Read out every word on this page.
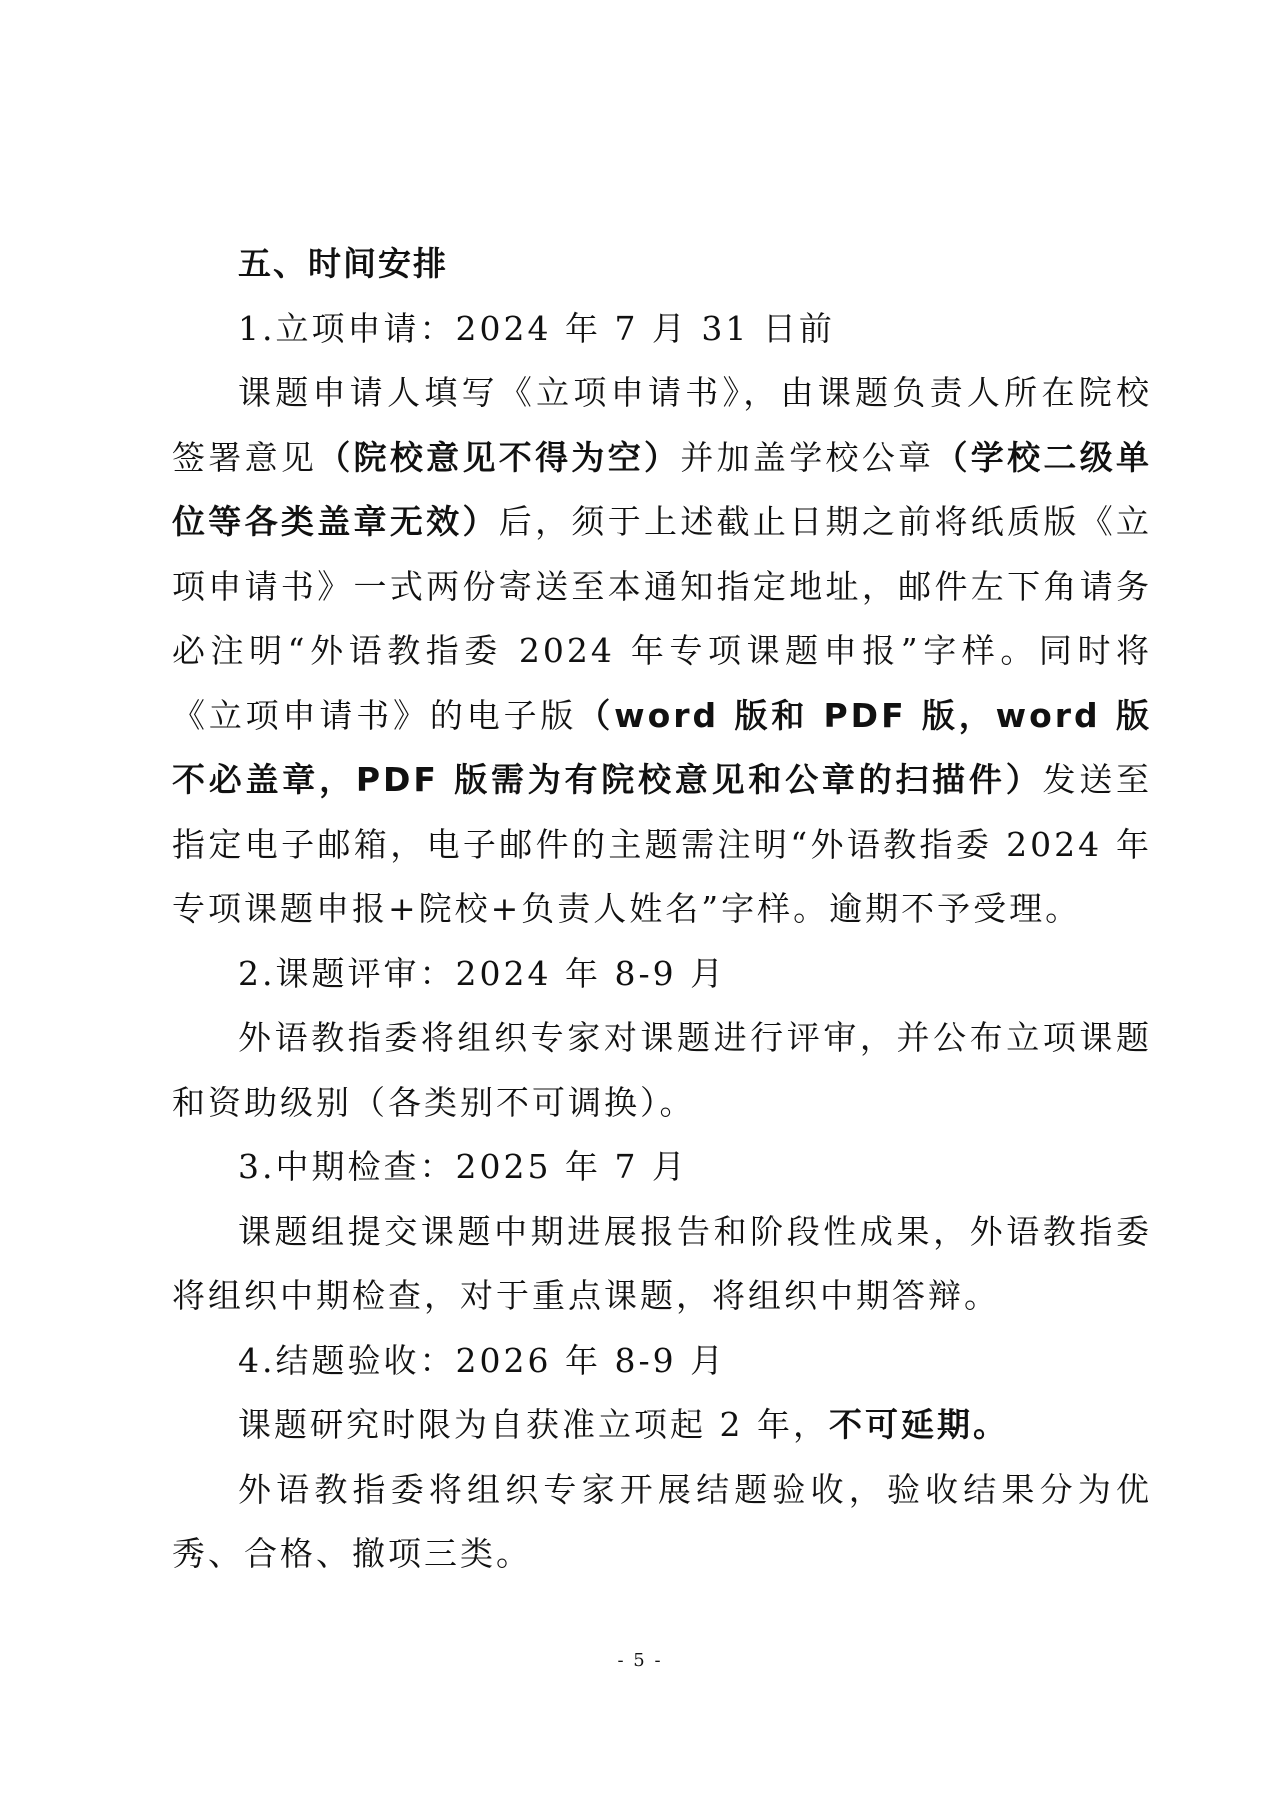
五、时间安排

1.立项申请：2024 年 7 月 31 日前

课题申请人填写《立项申请书》，由课题负责人所在院校签署意见（院校意见不得为空）并加盖学校公章（学校二级单位等各类盖章无效）后，须于上述截止日期之前将纸质版《立项申请书》一式两份寄送至本通知指定地址，邮件左下角请务必注明“外语教指委 2024 年专项课题申报”字样。同时将《立项申请书》的电子版（word 版和 PDF 版，word 版不必盖章，PDF 版需为有院校意见和公章的扫描件）发送至指定电子邮箱，电子邮件的主题需注明“外语教指委 2024 年专项课题申报+院校+负责人姓名”字样。逾期不予受理。

2.课题评审：2024 年 8-9 月

外语教指委将组织专家对课题进行评审，并公布立项课题和资助级别（各类别不可调换）。

3.中期检查：2025 年 7 月

课题组提交课题中期进展报告和阶段性成果，外语教指委将组织中期检查，对于重点课题，将组织中期答辩。

4.结题验收：2026 年 8-9 月

课题研究时限为自获准立项起 2 年，不可延期。

外语教指委将组织专家开展结题验收，验收结果分为优秀、合格、撤项三类。

- 5 -
